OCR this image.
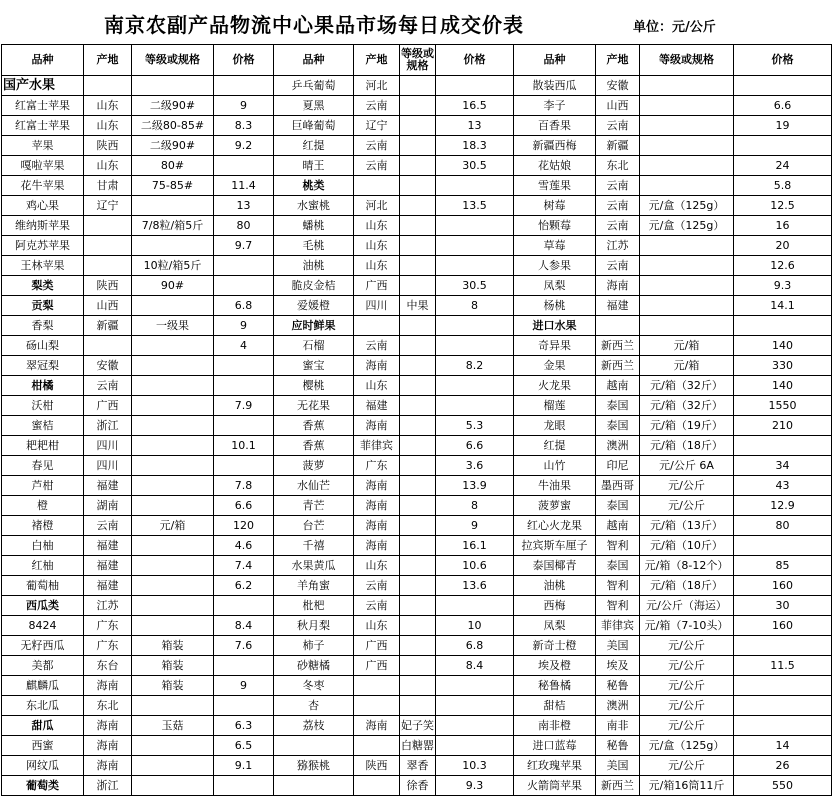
南京农副产品物流中心果品市场每日成交价表	单位：元/公斤
品种	产地	等级或规格	价格	品种	产地	等级或规格	价格	品种	产地	等级或规格	价格
国产水果				乒乓葡萄	河北			散装西瓜	安徽		
红富士苹果	山东	二级90#	9	夏黑	云南		16.5	李子	山西		6.6
红富士苹果	山东	二级80-85#	8.3	巨峰葡萄	辽宁		13	百香果	云南		19
苹果	陕西	二级90#	9.2	红提	云南		18.3	新疆西梅	新疆		
嘎啦苹果	山东	80#		晴王	云南		30.5	花姑娘	东北		24
花牛苹果	甘肃	75-85#	11.4	桃类				雪莲果	云南		5.8
鸡心果	辽宁		13	水蜜桃	河北		13.5	树莓	云南	元/盒（125g）	12.5
维纳斯苹果		7/8粒/箱5斤	80	蟠桃	山东			怡颗莓	云南	元/盒（125g）	16
阿克苏苹果			9.7	毛桃	山东			草莓	江苏		20
王林苹果		10粒/箱5斤		油桃	山东			人参果	云南		12.6
梨类	陕西	90#		脆皮金桔	广西		30.5	凤梨	海南		9.3
贡梨	山西		6.8	爱媛橙	四川	中果	8	杨桃	福建		14.1
香梨	新疆	一级果	9	应时鲜果				进口水果			
砀山梨			4	石榴	云南			奇异果	新西兰	元/箱	140
翠冠梨	安徽			蜜宝	海南		8.2	金果	新西兰	元/箱	330
柑橘	云南			樱桃	山东			火龙果	越南	元/箱（32斤）	140
沃柑	广西		7.9	无花果	福建			榴莲	泰国	元/箱（32斤）	1550
蜜桔	浙江			香蕉	海南		5.3	龙眼	泰国	元/箱（19斤）	210
耙耙柑	四川		10.1	香蕉	菲律宾		6.6	红提	澳洲	元/箱（18斤）	
春见	四川			菠萝	广东		3.6	山竹	印尼	元/公斤 6A	34
芦柑	福建		7.8	水仙芒	海南		13.9	牛油果	墨西哥	元/公斤	43
橙	湖南		6.6	青芒	海南		8	菠萝蜜	泰国	元/公斤	12.9
褚橙	云南	元/箱	120	台芒	海南		9	红心火龙果	越南	元/箱（13斤）	80
白柚	福建		4.6	千禧	海南		16.1	拉宾斯车厘子	智利	元/箱（10斤）	
红柚	福建		7.4	水果黄瓜	山东		10.6	泰国椰青	泰国	元/箱（8-12个）	85
葡萄柚	福建		6.2	羊角蜜	云南		13.6	油桃	智利	元/箱（18斤）	160
西瓜类	江苏			枇杷	云南			西梅	智利	元/公斤（海运）	30
8424	广东		8.4	秋月梨	山东		10	凤梨	菲律宾	元/箱（7-10头）	160
无籽西瓜	广东	箱装	7.6	柿子	广西		6.8	新奇士橙	美国	元/公斤	
美都	东台	箱装		砂糖橘	广西		8.4	埃及橙	埃及	元/公斤	11.5
麒麟瓜	海南	箱装	9	冬枣				秘鲁橘	秘鲁	元/公斤	
东北瓜	东北			杏				甜桔	澳洲	元/公斤	
甜瓜	海南	玉菇	6.3	荔枝	海南	妃子笑		南非橙	南非	元/公斤	
西蜜	海南		6.5			白糖罂		进口蓝莓	秘鲁	元/盒（125g）	14
网纹瓜	海南		9.1	猕猴桃	陕西	翠香	10.3	红玫瑰苹果	美国	元/公斤	26
葡萄类	浙江					徐香	9.3	火箭筒苹果	新西兰	元/箱16筒11斤	550
